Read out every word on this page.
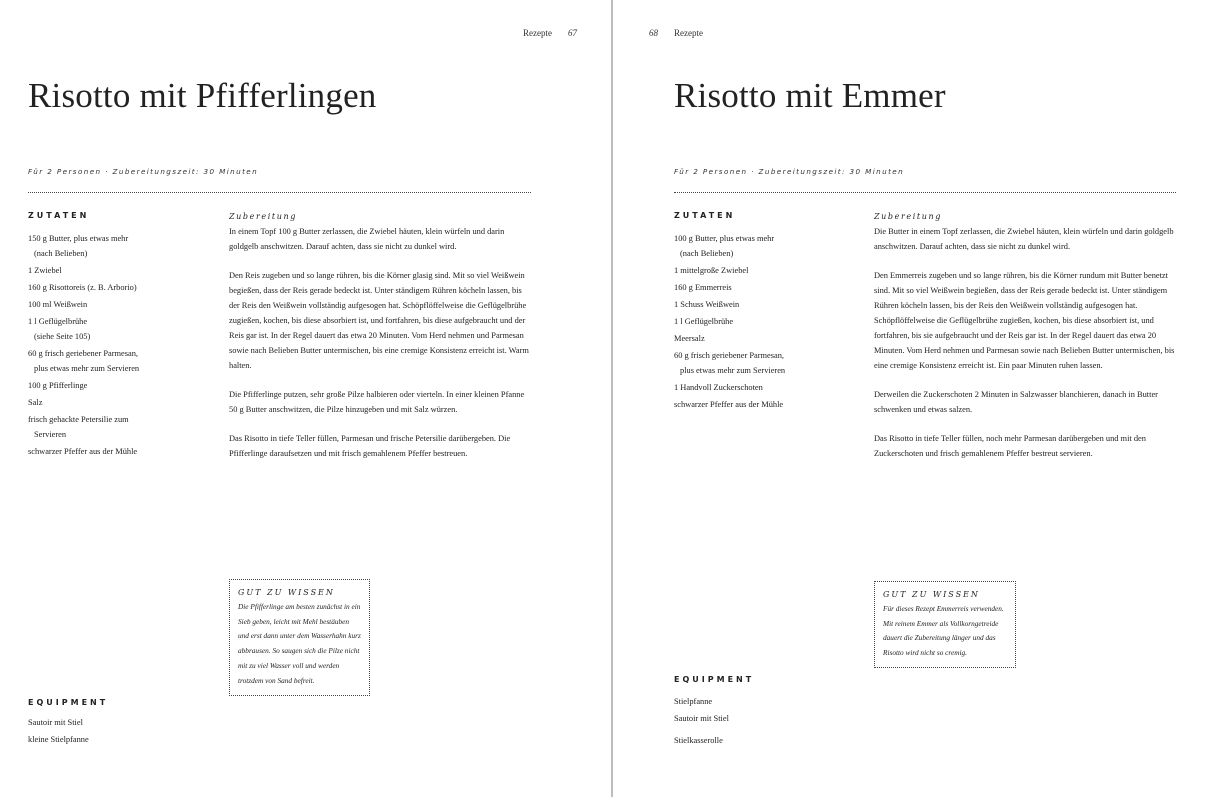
Rezepte 67
Risotto mit Pfifferlingen
Für 2 Personen · Zubereitungszeit: 30 Minuten
ZUTATEN
150 g Butter, plus etwas mehr
(nach Belieben)
1 Zwiebel
160 g Risottoreis (z. B. Arborio)
100 ml Weißwein
1 l Geflügelbrühe
(siehe Seite 105)
60 g frisch geriebener Parmesan,
plus etwas mehr zum Servieren
100 g Pfifferlinge
Salz
frisch gehackte Petersilie zum
Servieren
schwarzer Pfeffer aus der Mühle
Zubereitung

In einem Topf 100 g Butter zerlassen, die Zwiebel häuten, klein würfeln und darin goldgelb anschwitzen. Darauf achten, dass sie nicht zu dunkel wird.

Den Reis zugeben und so lange rühren, bis die Körner glasig sind. Mit so viel Weißwein begießen, dass der Reis gerade bedeckt ist. Unter ständigem Rühren köcheln lassen, bis der Reis den Weißwein vollständig aufgesogen hat. Schöpflöffelweise die Geflügelbrühe zugießen, kochen, bis diese absorbiert ist, und fortfahren, bis diese aufgebraucht und der Reis gar ist. In der Regel dauert das etwa 20 Minuten. Vom Herd nehmen und Parmesan sowie nach Belieben Butter untermischen, bis eine cremige Konsistenz erreicht ist. Warm halten.

Die Pfifferlinge putzen, sehr große Pilze halbieren oder vierteln. In einer kleinen Pfanne 50 g Butter anschwitzen, die Pilze hinzugeben und mit Salz würzen.

Das Risotto in tiefe Teller füllen, Parmesan und frische Petersilie darübergeben. Die Pfifferlinge daraufsetzen und mit frisch gemahlenem Pfeffer bestreuen.

GUT ZU WISSEN

Die Pfifferlinge am besten zunächst in ein Sieb geben, leicht mit Mehl bestäuben und erst dann unter dem Wasserhahn kurz abbrausen. So saugen sich die Pilze nicht mit zu viel Wasser voll und werden trotzdem von Sand befreit.

EQUIPMENT
Sautoir mit Stiel
kleine Stielpfanne
68 Rezepte
Risotto mit Emmer
Für 2 Personen · Zubereitungszeit: 30 Minuten
ZUTATEN
100 g Butter, plus etwas mehr
(nach Belieben)
1 mittelgroße Zwiebel
160 g Emmerreis
1 Schuss Weißwein
1 l Geflügelbrühe
Meersalz
60 g frisch geriebener Parmesan,
plus etwas mehr zum Servieren
1 Handvoll Zuckerschoten
schwarzer Pfeffer aus der Mühle
Zubereitung

Die Butter in einem Topf zerlassen, die Zwiebel häuten, klein würfeln und darin goldgelb anschwitzen. Darauf achten, dass sie nicht zu dunkel wird.

Den Emmerreis zugeben und so lange rühren, bis die Körner rundum mit Butter benetzt sind. Mit so viel Weißwein begießen, dass der Reis gerade bedeckt ist. Unter ständigem Rühren köcheln lassen, bis der Reis den Weißwein vollständig aufgesogen hat. Schöpflöffelweise die Geflügelbrühe zugießen, kochen, bis diese absorbiert ist, und fortfahren, bis sie aufgebraucht und der Reis gar ist. In der Regel dauert das etwa 20 Minuten. Vom Herd nehmen und Parmesan sowie nach Belieben Butter untermischen, bis eine cremige Konsistenz erreicht ist. Ein paar Minuten ruhen lassen.

Derweilen die Zuckerschoten 2 Minuten in Salzwasser blanchieren, danach in Butter schwenken und etwas salzen.

Das Risotto in tiefe Teller füllen, noch mehr Parmesan darübergeben und mit den Zuckerschoten und frisch gemahlenem Pfeffer bestreut servieren.

GUT ZU WISSEN

Für dieses Rezept Emmerreis verwenden. Mit reinem Emmer als Vollkorngetreide dauert die Zubereitung länger und das Risotto wird nicht so cremig.

EQUIPMENT
Stielpfanne
Sautoir mit Stiel
Stielkasserolle
